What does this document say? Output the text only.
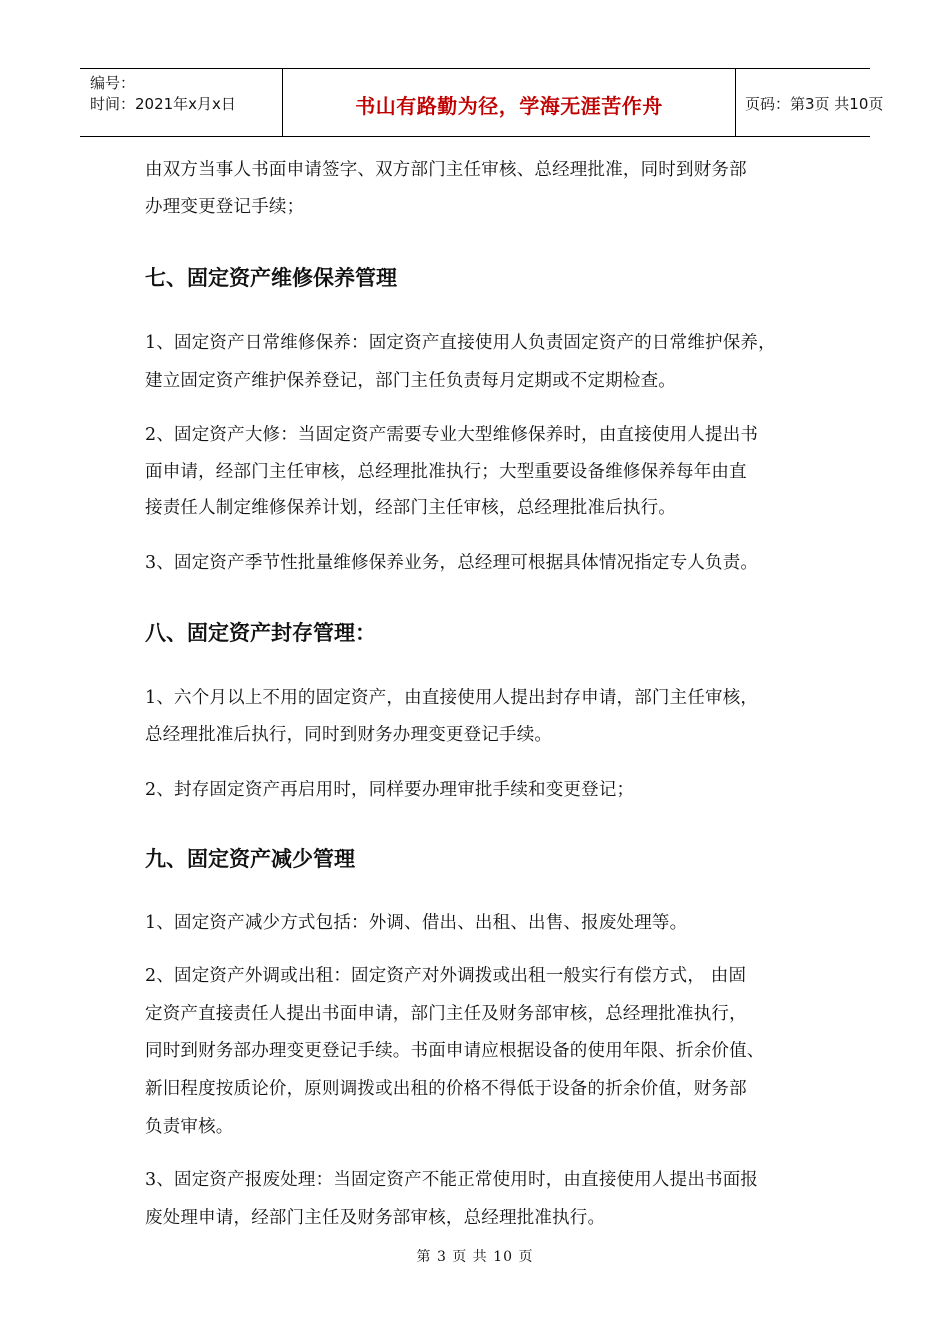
编号：
时间：2021年x月x日	书山有路勤为径，学海无涯苦作舟	页码：第3页 共10页
由双方当事人书面申请签字、双方部门主任审核、总经理批准，同时到财务部
办理变更登记手续；
七、固定资产维修保养管理
1、固定资产日常维修保养：固定资产直接使用人负责固定资产的日常维护保养，
建立固定资产维护保养登记，部门主任负责每月定期或不定期检查。
2、固定资产大修：当固定资产需要专业大型维修保养时，由直接使用人提出书
面申请，经部门主任审核，总经理批准执行；大型重要设备维修保养每年由直
接责任人制定维修保养计划，经部门主任审核，总经理批准后执行。
3、固定资产季节性批量维修保养业务，总经理可根据具体情况指定专人负责。
八、固定资产封存管理：
1、六个月以上不用的固定资产，由直接使用人提出封存申请，部门主任审核，
总经理批准后执行，同时到财务办理变更登记手续。
2、封存固定资产再启用时，同样要办理审批手续和变更登记；
九、固定资产减少管理
1、固定资产减少方式包括：外调、借出、出租、出售、报废处理等。
2、固定资产外调或出租：固定资产对外调拨或出租一般实行有偿方式， 由固
定资产直接责任人提出书面申请，部门主任及财务部审核，总经理批准执行，
同时到财务部办理变更登记手续。书面申请应根据设备的使用年限、折余价值、
新旧程度按质论价，原则调拨或出租的价格不得低于设备的折余价值，财务部
负责审核。
3、固定资产报废处理：当固定资产不能正常使用时，由直接使用人提出书面报
废处理申请，经部门主任及财务部审核，总经理批准执行。
第 3 页 共 10 页
